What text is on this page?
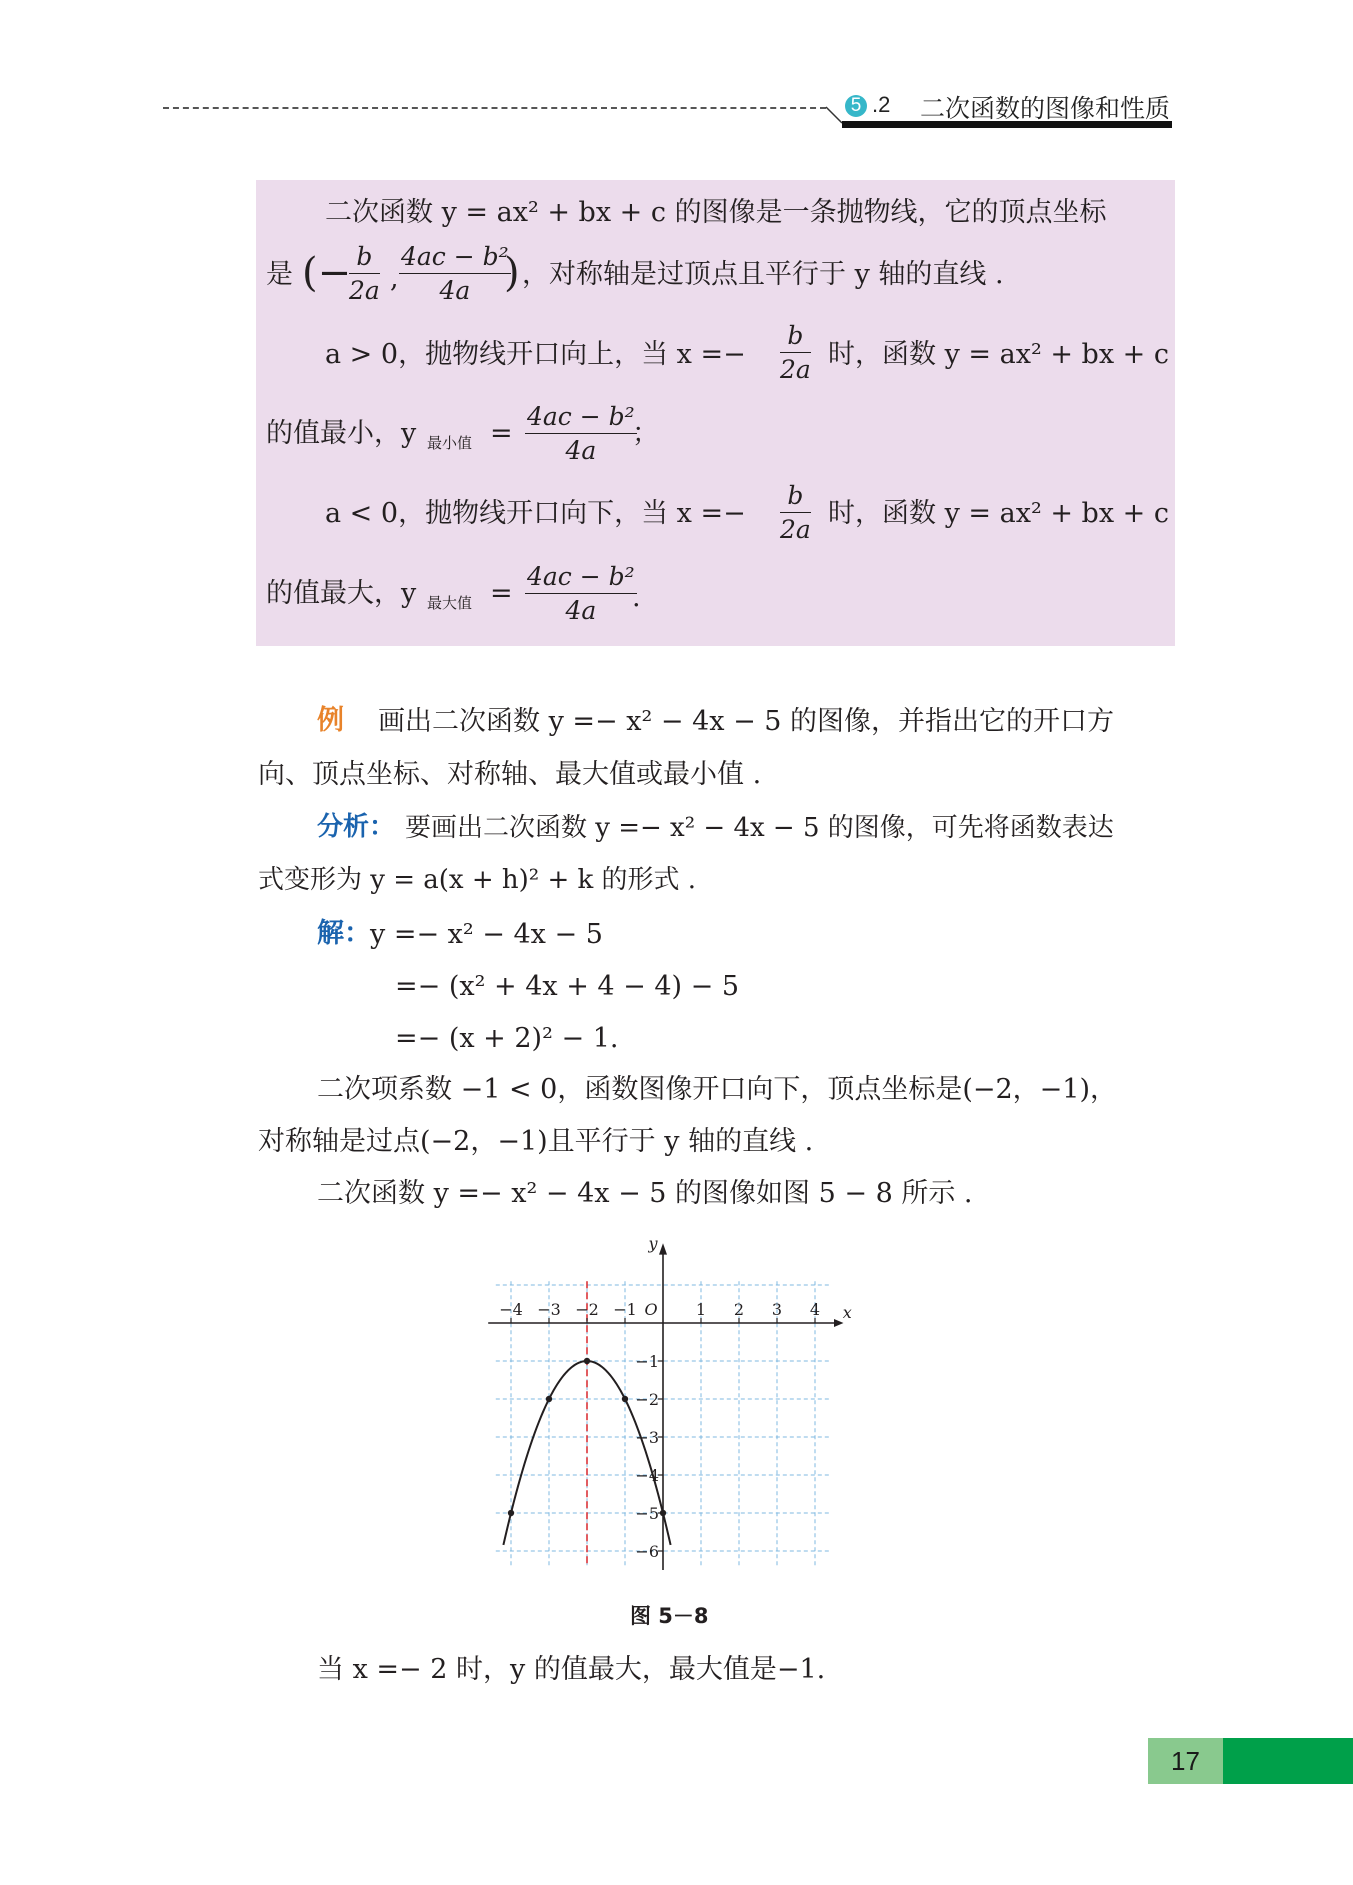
5 .2 二次函数的图像和性质
二次函数 y = ax² + bx + c 的图像是一条抛物线，它的顶点坐标
是 (−
$\frac{b}{2a}$ , $\frac{\text{4ac − b²}}{4a}$
) ，对称轴是过顶点且平行于 y 轴的直线 .
a > 0，抛物线开口向上，当 $x =- \frac{b}{2a}$ 时，函数 y = ax² + bx + c
的值最小，y 最小值 = $\frac{\text{4ac − b²}}{4a}$
；
a < 0，抛物线开口向下，当 $x =- \frac{b}{2a}$ 时，函数 y = ax² + bx + c
的值最大，y 最大值 = $\frac{\text{4ac − b²}}{4a}$
.
例 画出二次函数 y =− x² − 4x − 5 的图像，并指出它的开口方
向、顶点坐标、对称轴、最大值或最小值 .
分析： 要画出二次函数 y =− x² − 4x − 5 的图像，可先将函数表达
式变形为 y = a(x + h)² + k 的形式 .
解： y =− x² − 4x − 5
=− (x² + 4x + 4 − 4) − 5
=− (x + 2)² − 1.
二次项系数 −1 < 0，函数图像开口向下，顶点坐标是(−2，−1)，
对称轴是过点(−2，−1)且平行于 y 轴的直线 .
二次函数 y =− x² − 4x − 5 的图像如图 5 − 8 所示 .
−4 −3 −2 −1	1 2 3 4
−1
−2
−3
−4
−5
−6
O	x
y
图 5－8
当 x =− 2 时，y 的值最大，最大值是−1.
17
